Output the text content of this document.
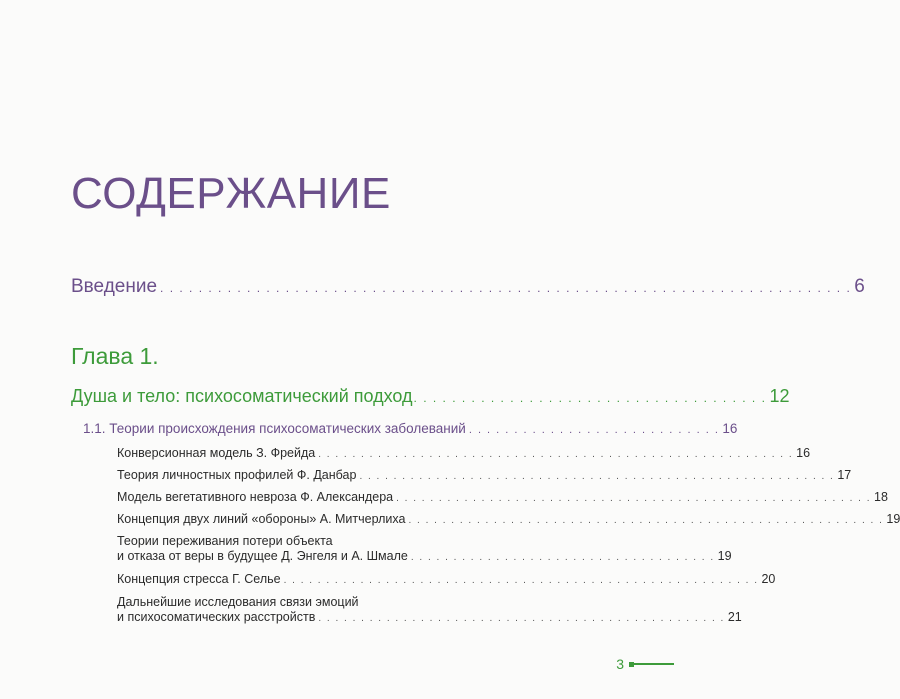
СОДЕРЖАНИЕ
Введение . . . . . . . . . . . . . . . . . . . . . . . . . . . . . . . . . . . . . . . . . . . . . . . . . . . . . . . . . . . . . . . . . . . . . . . . 6
Глава 1.
Душа и тело: психосоматический подход . . . . . . . . . . . . . . . . . . . . . . . . . . . . . . . . . . . . . 12
1.1. Теории происхождения психосоматических заболеваний . . . . . . . . . . . . . . . . . . . . . . . . . . . . 16
Конверсионная модель З. Фрейда . . . . . . . . . . . . . . . . . . . . . . . . . . . . . . . . . . . . . . . . . . . . . . . . . . . . . . . . 16
Теория личностных профилей Ф. Данбар . . . . . . . . . . . . . . . . . . . . . . . . . . . . . . . . . . . . . . . . . . . . . . . . . . . . . . . . 17
Модель вегетативного невроза Ф. Александера . . . . . . . . . . . . . . . . . . . . . . . . . . . . . . . . . . . . . . . . . . . . . . . . . . . . . . . . 18
Концепция двух линий «обороны» А. Митчерлиха . . . . . . . . . . . . . . . . . . . . . . . . . . . . . . . . . . . . . . . . . . . . . . . . . . . . . . . . 19
Теории переживания потери объекта
и отказа от веры в будущее Д. Энгеля и А. Шмале . . . . . . . . . . . . . . . . . . . . . . . . . . . . . . . . . . . . 19
Концепция стресса Г. Селье . . . . . . . . . . . . . . . . . . . . . . . . . . . . . . . . . . . . . . . . . . . . . . . . . . . . . . . . 20
Дальнейшие исследования связи эмоций
и психосоматических расстройств . . . . . . . . . . . . . . . . . . . . . . . . . . . . . . . . . . . . . . . . . . . . . . . . 21
3
